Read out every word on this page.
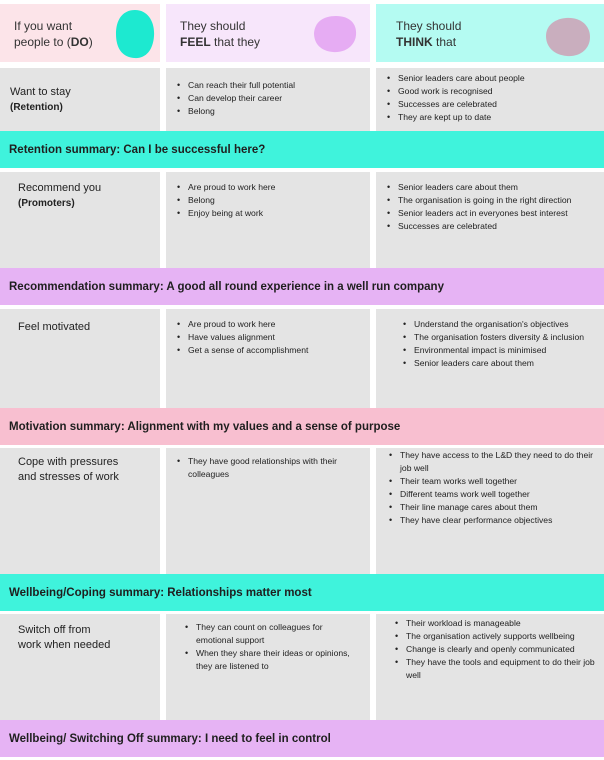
If you want
people to (DO)
They should
FEEL that they
They should
THINK that
Want to stay
(Retention)
• Can reach their full potential
• Can develop their career
• Belong
• Senior leaders care about people
• Good work is recognised
• Successes are celebrated
• They are kept up to date
Retention summary: Can I be successful here?
Recommend you
(Promoters)
• Are proud to work here
• Belong
• Enjoy being at work
• Senior leaders care about them
• The organisation is going in the right direction
• Senior leaders act in everyones best interest
• Successes are celebrated
Recommendation summary: A good all round experience in a well run company
Feel motivated
•	Are proud to work here
• Have values alignment
• Get a sense of accomplishment
• Understand the organisation's objectives
• The organisation fosters diversity & inclusion
• Environmental impact is minimised
• Senior leaders care about them
Motivation summary: Alignment with my values and a sense of purpose
Cope with pressures
and stresses of work
• They have good relationships with their colleagues
• They have access to the L&D they need to do their job well
• Their team works well together
• Different teams work well together
• Their line manage cares about them
• They have clear performance objectives
Wellbeing/Coping summary: Relationships matter most
Switch off from
work when needed
• They can count on colleagues for emotional support
• When they share their ideas or opinions, they are listened to
• Their workload is manageable
• The organisation actively supports wellbeing
• Change is clearly and openly communicated
• They have the tools and equipment to do their job well
Wellbeing/ Switching Off summary: I need to feel in control
